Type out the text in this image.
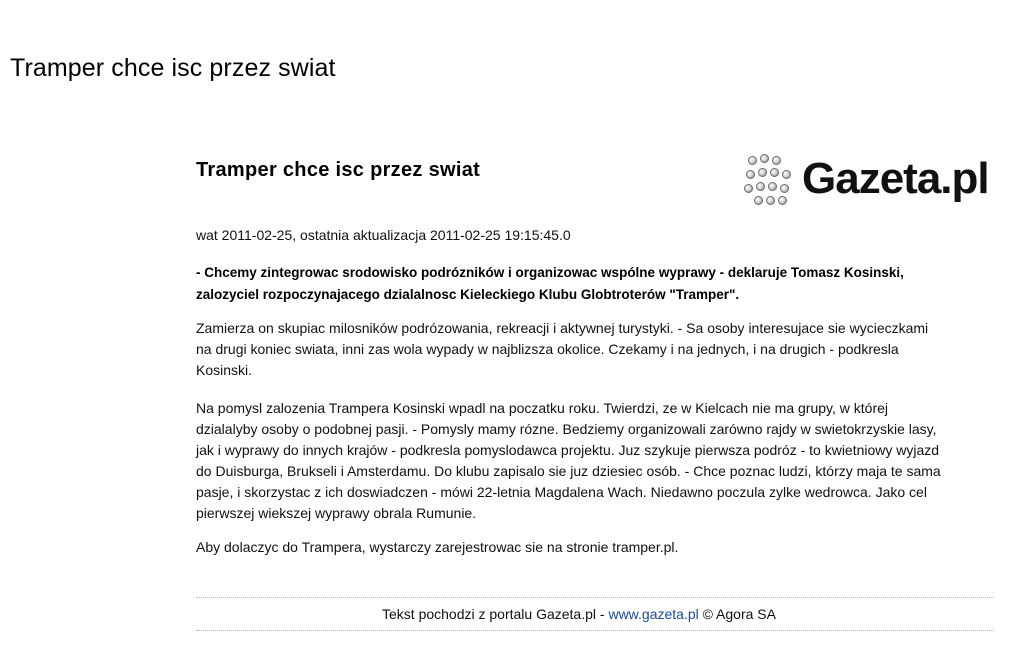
Tramper chce isc przez swiat
Tramper chce isc przez swiat	Gazeta.pl
wat 2011-02-25, ostatnia aktualizacja 2011-02-25 19:15:45.0
- Chcemy zintegrowac srodowisko podrózników i organizowac wspólne wyprawy - deklaruje Tomasz Kosinski,
zalozyciel rozpoczynajacego dzialalnosc Kieleckiego Klubu Globtroterów "Tramper".
Zamierza on skupiac milosników podrózowania, rekreacji i aktywnej turystyki. - Sa osoby interesujace sie wycieczkami
na drugi koniec swiata, inni zas wola wypady w najblizsza okolice. Czekamy i na jednych, i na drugich - podkresla
Kosinski.
Na pomysl zalozenia Trampera Kosinski wpadl na poczatku roku. Twierdzi, ze w Kielcach nie ma grupy, w której
dzialalyby osoby o podobnej pasji. - Pomysly mamy rózne. Bedziemy organizowali zarówno rajdy w swietokrzyskie lasy,
jak i wyprawy do innych krajów - podkresla pomyslodawca projektu. Juz szykuje pierwsza podróz - to kwietniowy wyjazd
do Duisburga, Brukseli i Amsterdamu. Do klubu zapisalo sie juz dziesiec osób. - Chce poznac ludzi, którzy maja te sama
pasje, i skorzystac z ich doswiadczen - mówi 22-letnia Magdalena Wach. Niedawno poczula zylke wedrowca. Jako cel
pierwszej wiekszej wyprawy obrala Rumunie.
Aby dolaczyc do Trampera, wystarczy zarejestrowac sie na stronie tramper.pl.
Tekst pochodzi z portalu Gazeta.pl - www.gazeta.pl © Agora SA
